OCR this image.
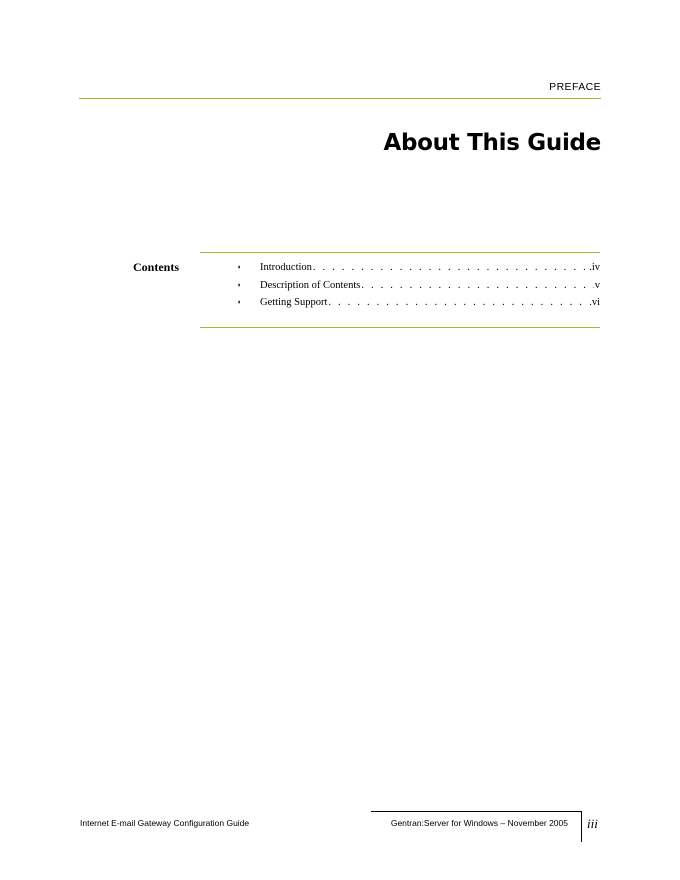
PREFACE
About This Guide
Contents	◗	Introduction . . .	.iv
◗	Description of Contents . . .	v
◗	Getting Support . . .	.vi
Internet E-mail Gateway Configuration Guide	Gentran:Server for Windows – November 2005 iii
